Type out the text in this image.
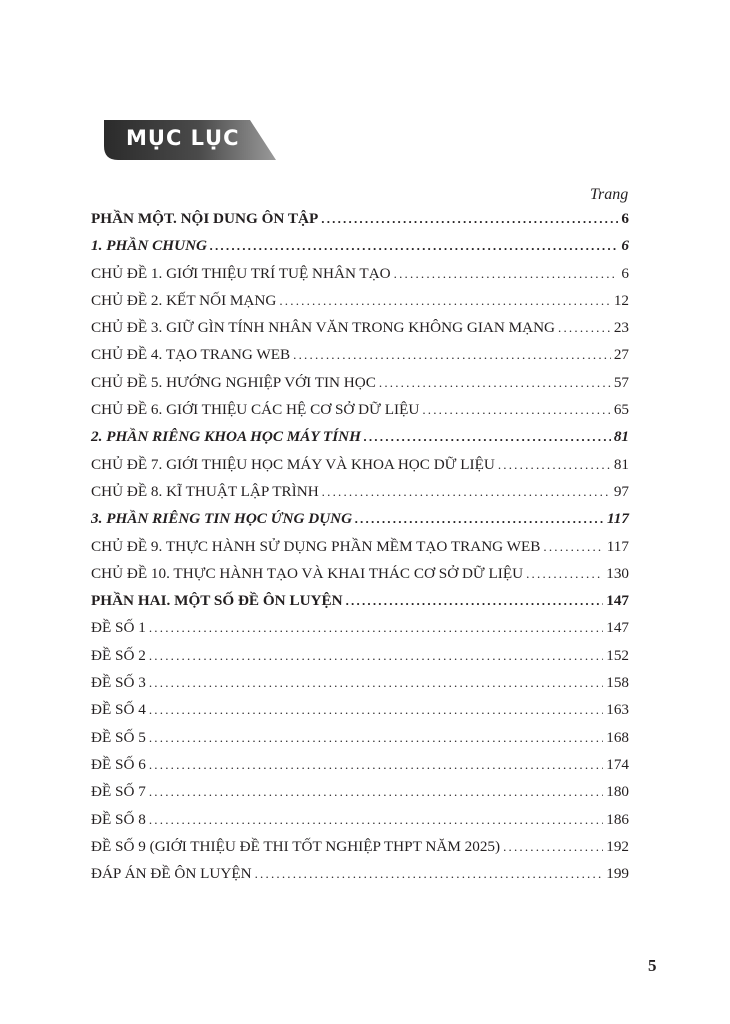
MỤC LỤC
Trang
PHẦN MỘT. NỘI DUNG ÔN TẬP .....	6
1. PHẦN CHUNG .....	6
CHỦ ĐỀ 1. GIỚI THIỆU TRÍ TUỆ NHÂN TẠO .....	6
CHỦ ĐỀ 2. KẾT NỐI MẠNG .....	12
CHỦ ĐỀ 3. GIỮ GÌN TÍNH NHÂN VĂN TRONG KHÔNG GIAN MẠNG .....	23
CHỦ ĐỀ 4. TẠO TRANG WEB .....	27
CHỦ ĐỀ 5. HƯỚNG NGHIỆP VỚI TIN HỌC .....	57
CHỦ ĐỀ 6. GIỚI THIỆU CÁC HỆ CƠ SỞ DỮ LIỆU .....	65
2. PHẦN RIÊNG KHOA HỌC MÁY TÍNH .....	81
CHỦ ĐỀ 7. GIỚI THIỆU HỌC MÁY VÀ KHOA HỌC DỮ LIỆU .....	81
CHỦ ĐỀ 8. KĨ THUẬT LẬP TRÌNH .....	97
3. PHẦN RIÊNG TIN HỌC ỨNG DỤNG .....	117
CHỦ ĐỀ 9. THỰC HÀNH SỬ DỤNG PHẦN MỀM TẠO TRANG WEB .....	117
CHỦ ĐỀ 10. THỰC HÀNH TẠO VÀ KHAI THÁC CƠ SỞ DỮ LIỆU .....	130
PHẦN HAI. MỘT SỐ ĐỀ ÔN LUYỆN .....	147
ĐỀ SỐ 1 .....	147
ĐỀ SỐ 2 .....	152
ĐỀ SỐ 3 .....	158
ĐỀ SỐ 4 .....	163
ĐỀ SỐ 5 .....	168
ĐỀ SỐ 6 .....	174
ĐỀ SỐ 7 .....	180
ĐỀ SỐ 8 .....	186
ĐỀ SỐ 9 (GIỚI THIỆU ĐỀ THI TỐT NGHIỆP THPT NĂM 2025) .....	192
ĐÁP ÁN ĐỀ ÔN LUYỆN .....	199
5
